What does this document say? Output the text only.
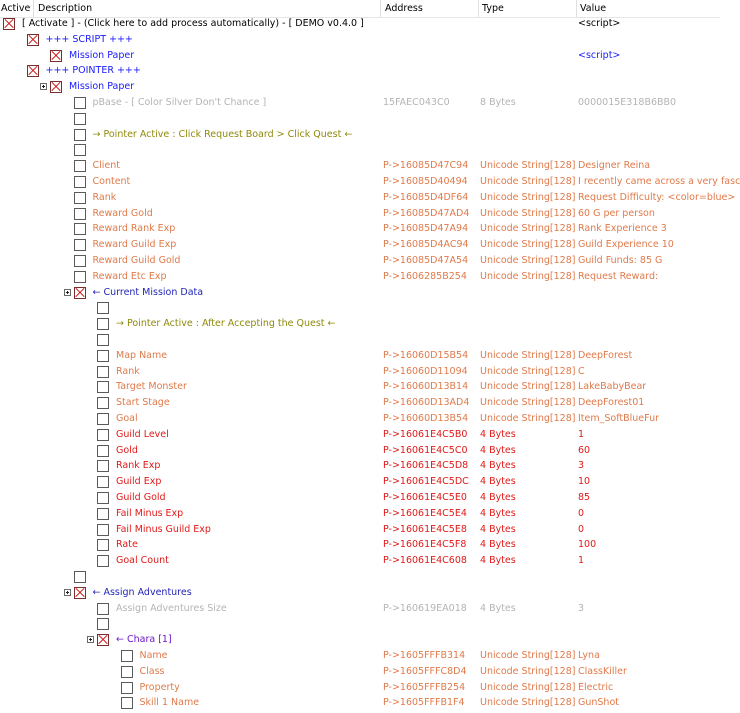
Active Description	Address	Type	Value
[ Activate ] - (Click here to add process automatically) - [ DEMO v0.4.0 ]	<script>
+++ SCRIPT +++
Mission Paper	<script>
+++ POINTER +++
Mission Paper
pBase - [ Color Silver Don't Chance ]	15FAEC043C0	8 Bytes	0000015E318B6BB0
→ Pointer Active : Click Request Board > Click Quest ←
Client	P->16085D47C94	Unicode String[128] Designer Reina
Content	P->16085D40494	Unicode String[128] I recently came across a very fasc
Rank	P->16085D4DF64	Unicode String[128] Request Difficulty: <color=blue>
Reward Gold	P->16085D47AD4	Unicode String[128] 60 G per person
Reward Rank Exp	P->16085D47A94	Unicode String[128] Rank Experience 3
Reward Guild Exp	P->16085D4AC94	Unicode String[128] Guild Experience 10
Reward Guild Gold	P->16085D47A54	Unicode String[128] Guild Funds: 85 G
Reward Etc Exp	P->1606285B254	Unicode String[128] Request Reward:
← Current Mission Data
→ Pointer Active : After Accepting the Quest ←
Map Name	P->16060D15B54	Unicode String[128] DeepForest
Rank	P->16060D11094	Unicode String[128] C
Target Monster	P->16060D13B14	Unicode String[128] LakeBabyBear
Start Stage	P->16060D13AD4	Unicode String[128] DeepForest01
Goal	P->16060D13B54	Unicode String[128] Item_SoftBlueFur
Guild Level	P->16061E4C5B0	4 Bytes	1
Gold	P->16061E4C5C0	4 Bytes	60
Rank Exp	P->16061E4C5D8	4 Bytes	3
Guild Exp	P->16061E4C5DC	4 Bytes	10
Guild Gold	P->16061E4C5E0	4 Bytes	85
Fail Minus Exp	P->16061E4C5E4	4 Bytes	0
Fail Minus Guild Exp	P->16061E4C5E8	4 Bytes	0
Rate	P->16061E4C5F8	4 Bytes	100
Goal Count	P->16061E4C608	4 Bytes	1
← Assign Adventures
Assign Adventures Size	P->160619EA018	4 Bytes	3
← Chara [1]
Name	P->1605FFFB314	Unicode String[128] Lyna
Class	P->1605FFFC8D4	Unicode String[128] ClassKiller
Property	P->1605FFFB254	Unicode String[128] Electric
Skill 1 Name	P->1605FFFB1F4	Unicode String[128] GunShot
